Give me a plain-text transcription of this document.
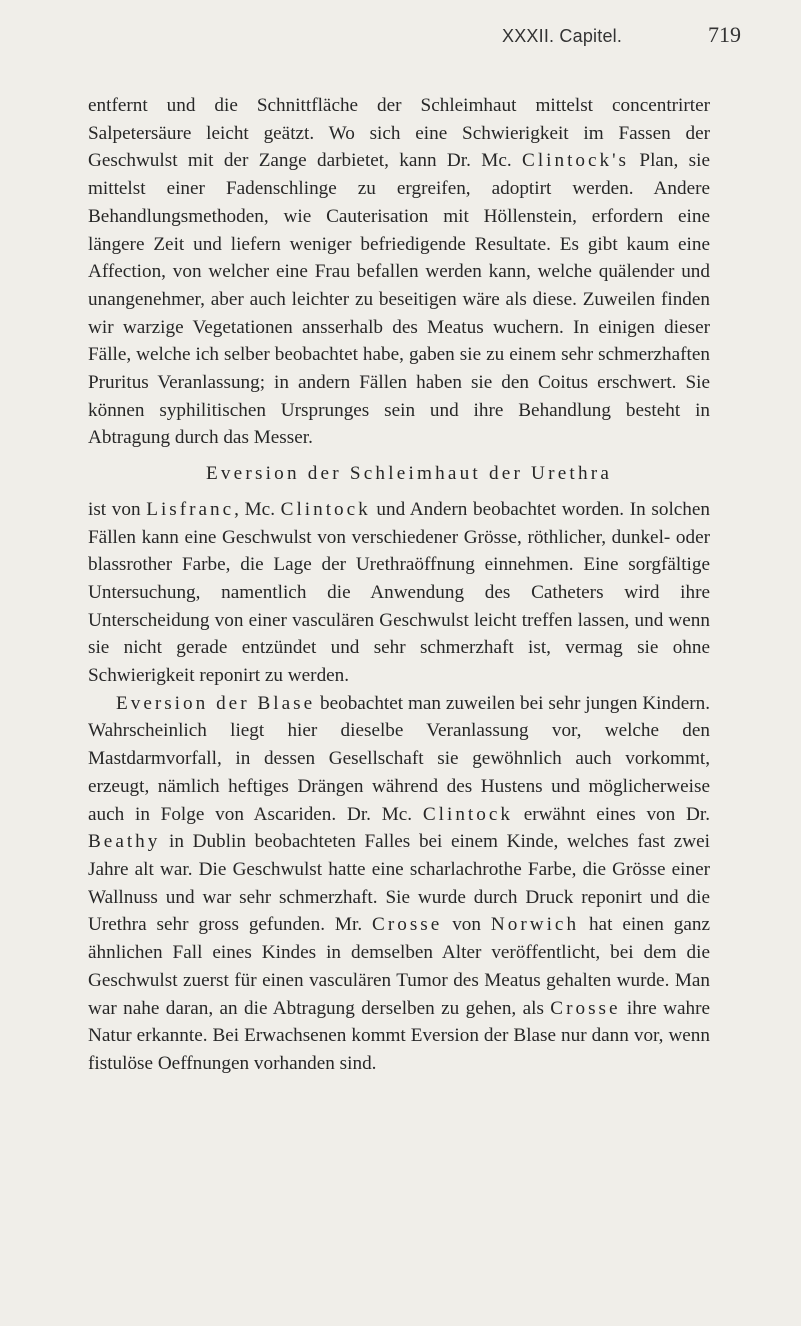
XXXII. Capitel.	719

entfernt und die Schnittfläche der Schleimhaut mittelst concentrirter Salpetersäure leicht geätzt. Wo sich eine Schwierigkeit im Fassen der Geschwulst mit der Zange darbietet, kann Dr. Mc. Clintock's Plan, sie mittelst einer Fadenschlinge zu ergreifen, adoptirt werden. Andere Behandlungsmethoden, wie Cauterisation mit Höllenstein, erfordern eine längere Zeit und liefern weniger befriedigende Resultate. Es gibt kaum eine Affection, von welcher eine Frau befallen werden kann, welche quälender und unangenehmer, aber auch leichter zu beseitigen wäre als diese. Zuweilen finden wir warzige Vegetationen ansserhalb des Meatus wuchern. In einigen dieser Fälle, welche ich selber beobachtet habe, gaben sie zu einem sehr schmerzhaften Pruritus Veranlassung; in andern Fällen haben sie den Coitus erschwert. Sie können syphilitischen Ursprunges sein und ihre Behandlung besteht in Abtragung durch das Messer.

Eversion der Schleimhaut der Urethra

ist von Lisfranc, Mc. Clintock und Andern beobachtet worden. In solchen Fällen kann eine Geschwulst von verschiedener Grösse, röthlicher, dunkel- oder blassrother Farbe, die Lage der Urethraöffnung einnehmen. Eine sorgfältige Untersuchung, namentlich die Anwendung des Catheters wird ihre Unterscheidung von einer vasculären Geschwulst leicht treffen lassen, und wenn sie nicht gerade entzündet und sehr schmerzhaft ist, vermag sie ohne Schwierigkeit reponirt zu werden.

Eversion der Blase beobachtet man zuweilen bei sehr jungen Kindern. Wahrscheinlich liegt hier dieselbe Veranlassung vor, welche den Mastdarmvorfall, in dessen Gesellschaft sie gewöhnlich auch vorkommt, erzeugt, nämlich heftiges Drängen während des Hustens und möglicherweise auch in Folge von Ascariden. Dr. Mc. Clintock erwähnt eines von Dr. Beathy in Dublin beobachteten Falles bei einem Kinde, welches fast zwei Jahre alt war. Die Geschwulst hatte eine scharlachrothe Farbe, die Grösse einer Wallnuss und war sehr schmerzhaft. Sie wurde durch Druck reponirt und die Urethra sehr gross gefunden. Mr. Crosse von Norwich hat einen ganz ähnlichen Fall eines Kindes in demselben Alter veröffentlicht, bei dem die Geschwulst zuerst für einen vasculären Tumor des Meatus gehalten wurde. Man war nahe daran, an die Abtragung derselben zu gehen, als Crosse ihre wahre Natur erkannte. Bei Erwachsenen kommt Eversion der Blase nur dann vor, wenn fistulöse Oeffnungen vorhanden sind.
